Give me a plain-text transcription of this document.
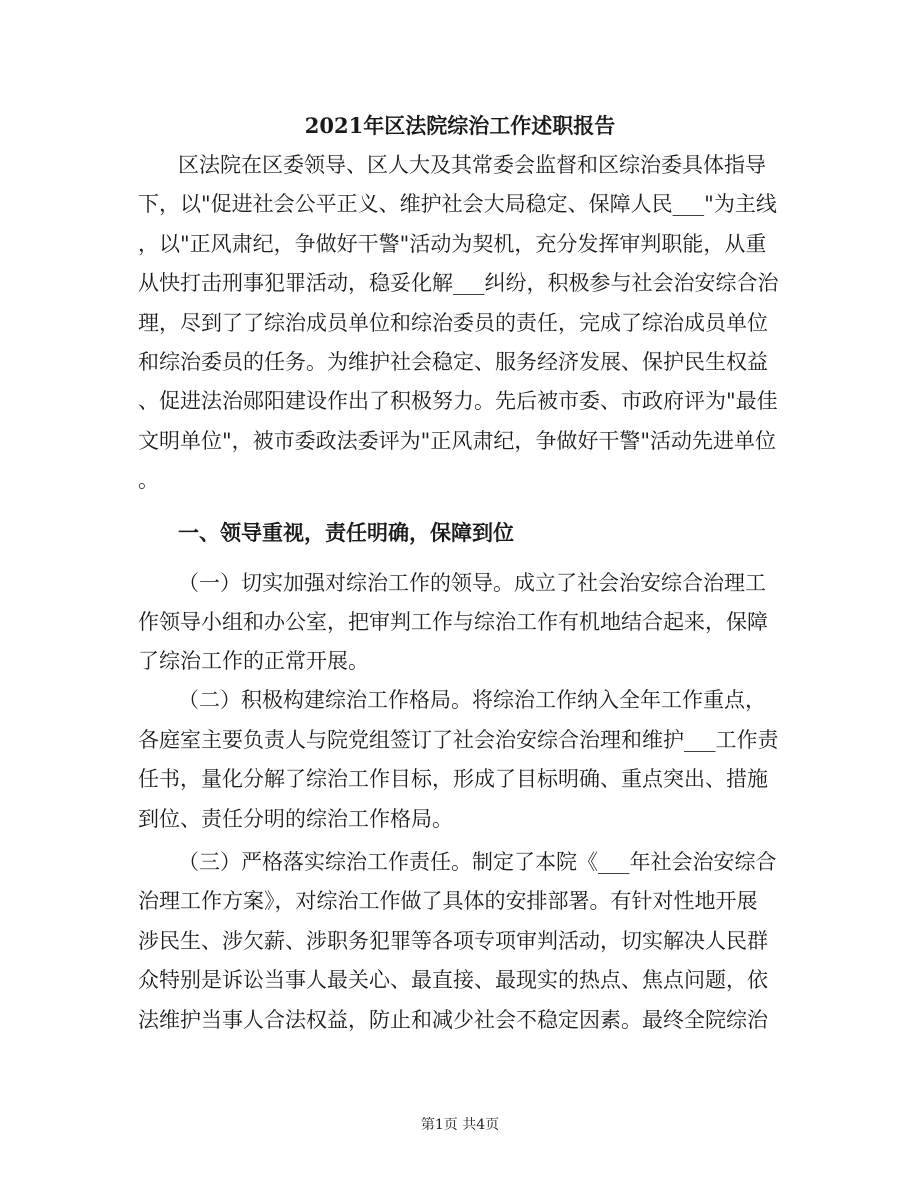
2021年区法院综治工作述职报告
区法院在区委领导、区人大及其常委会监督和区综治委具体指导
下，以"促进社会公平正义、维护社会大局稳定、保障人民___"为主线
，以"正风肃纪，争做好干警"活动为契机，充分发挥审判职能，从重
从快打击刑事犯罪活动，稳妥化解___纠纷，积极参与社会治安综合治
理，尽到了了综治成员单位和综治委员的责任，完成了综治成员单位
和综治委员的任务。为维护社会稳定、服务经济发展、保护民生权益
、促进法治郧阳建设作出了积极努力。先后被市委、市政府评为"最佳
文明单位"，被市委政法委评为"正风肃纪，争做好干警"活动先进单位
。
一、领导重视，责任明确，保障到位
（一）切实加强对综治工作的领导。成立了社会治安综合治理工
作领导小组和办公室，把审判工作与综治工作有机地结合起来，保障
了综治工作的正常开展。
（二）积极构建综治工作格局。将综治工作纳入全年工作重点，
各庭室主要负责人与院党组签订了社会治安综合治理和维护___工作责
任书，量化分解了综治工作目标，形成了目标明确、重点突出、措施
到位、责任分明的综治工作格局。
（三）严格落实综治工作责任。制定了本院《___年社会治安综合
治理工作方案》，对综治工作做了具体的安排部署。有针对性地开展
涉民生、涉欠薪、涉职务犯罪等各项专项审判活动，切实解决人民群
众特别是诉讼当事人最关心、最直接、最现实的热点、焦点问题，依
法维护当事人合法权益，防止和减少社会不稳定因素。最终全院综治
第1页 共4页
